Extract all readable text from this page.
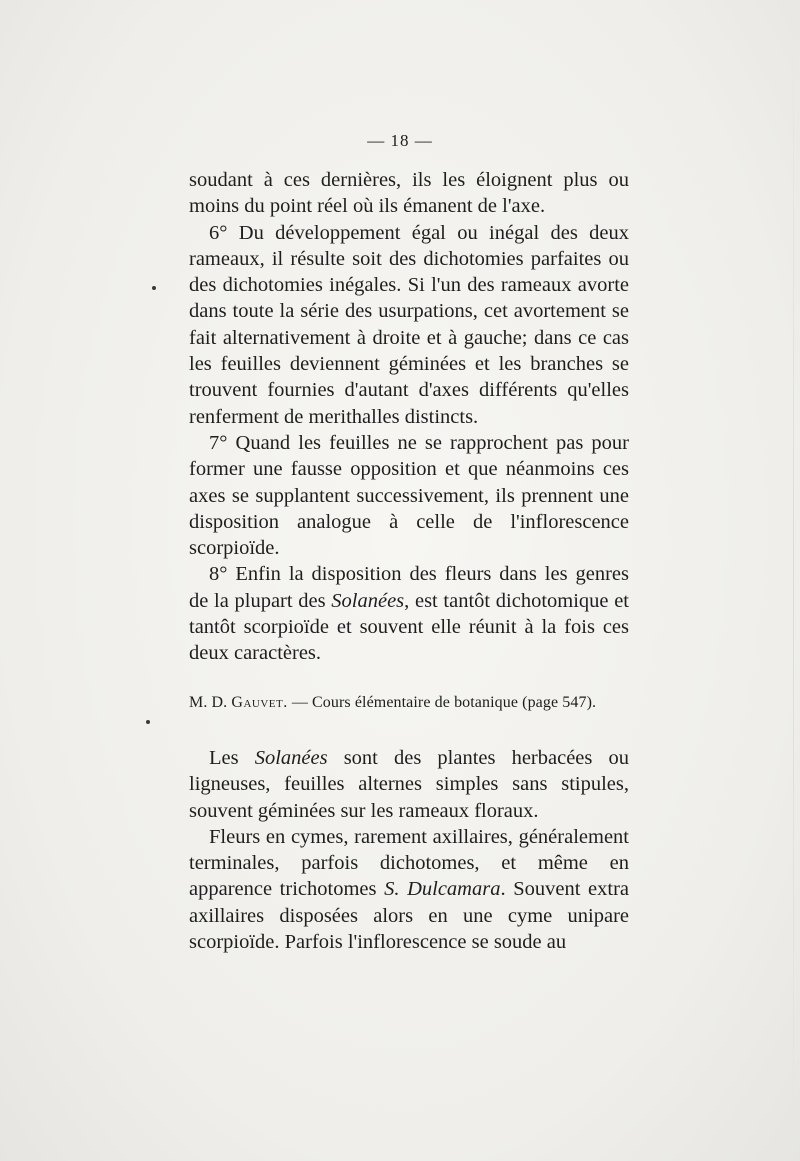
— 18 —

soudant à ces dernières, ils les éloignent plus ou moins du point réel où ils émanent de l'axe.

6° Du développement égal ou inégal des deux rameaux, il résulte soit des dichotomies parfaites ou des dichotomies inégales. Si l'un des rameaux avorte dans toute la série des usurpations, cet avortement se fait alternativement à droite et à gauche; dans ce cas les feuilles deviennent géminées et les branches se trouvent fournies d'autant d'axes différents qu'elles renferment de merithalles distincts.

7° Quand les feuilles ne se rapprochent pas pour former une fausse opposition et que néanmoins ces axes se supplantent successivement, ils prennent une disposition analogue à celle de l'inflorescence scorpioïde.

8° Enfin la disposition des fleurs dans les genres de la plupart des Solanées, est tantôt dichotomique et tantôt scorpioïde et souvent elle réunit à la fois ces deux caractères.

M. D. Gauvet. — Cours élémentaire de botanique (page 547).

Les Solanées sont des plantes herbacées ou ligneuses, feuilles alternes simples sans stipules, souvent géminées sur les rameaux floraux.

Fleurs en cymes, rarement axillaires, généralement terminales, parfois dichotomes, et même en apparence trichotomes S. Dulcamara. Souvent extra axillaires disposées alors en une cyme unipare scorpioïde. Parfois l'inflorescence se soude au
